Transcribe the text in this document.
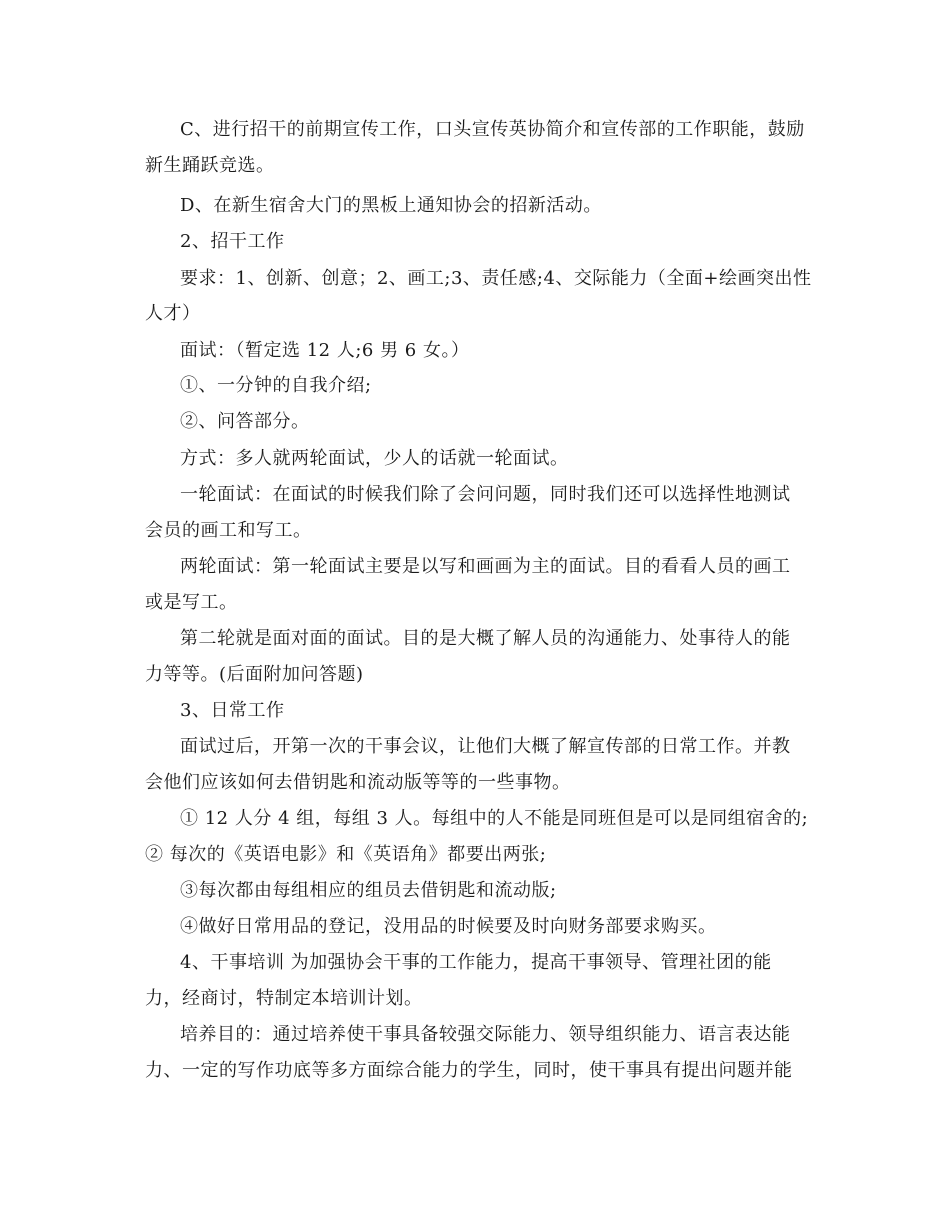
C、进行招干的前期宣传工作，口头宣传英协简介和宣传部的工作职能，鼓励
新生踊跃竞选。
D、在新生宿舍大门的黑板上通知协会的招新活动。
2、招干工作
要求：1、创新、创意；2、画工;3、责任感;4、交际能力（全面+绘画突出性
人才）
面试：（暂定选 12 人;6 男 6 女。）
①、一分钟的自我介绍;
②、问答部分。
方式：多人就两轮面试，少人的话就一轮面试。
一轮面试：在面试的时候我们除了会问问题，同时我们还可以选择性地测试
会员的画工和写工。
两轮面试：第一轮面试主要是以写和画画为主的面试。目的看看人员的画工
或是写工。
第二轮就是面对面的面试。目的是大概了解人员的沟通能力、处事待人的能
力等等。(后面附加问答题)
3、日常工作
面试过后，开第一次的干事会议，让他们大概了解宣传部的日常工作。并教
会他们应该如何去借钥匙和流动版等等的一些事物。
① 12 人分 4 组，每组 3 人。每组中的人不能是同班但是可以是同组宿舍的;
② 每次的《英语电影》和《英语角》都要出两张;
③每次都由每组相应的组员去借钥匙和流动版;
④做好日常用品的登记，没用品的时候要及时向财务部要求购买。
4、干事培训 为加强协会干事的工作能力，提高干事领导、管理社团的能
力，经商讨，特制定本培训计划。
培养目的：通过培养使干事具备较强交际能力、领导组织能力、语言表达能
力、一定的写作功底等多方面综合能力的学生，同时，使干事具有提出问题并能
